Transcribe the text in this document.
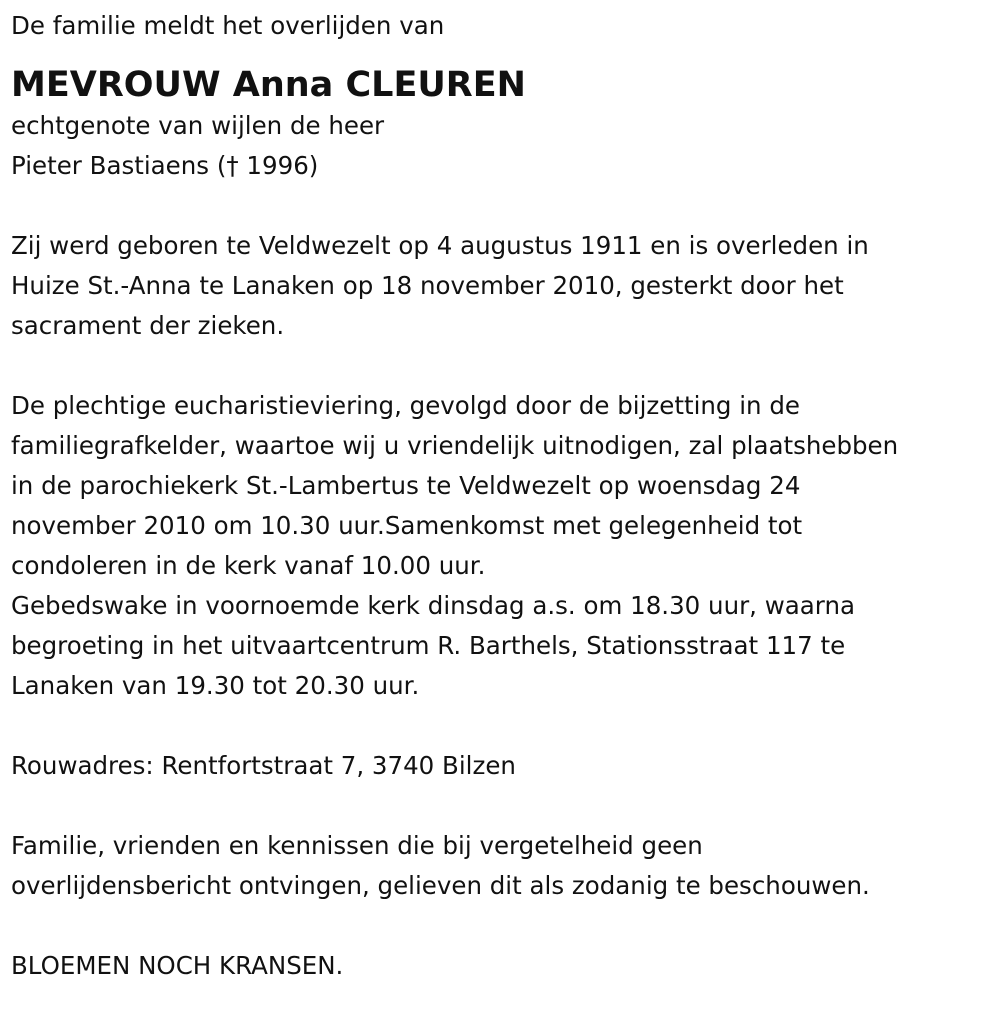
De familie meldt het overlijden van

MEVROUW Anna CLEUREN

echtgenote van wijlen de heer

Pieter Bastiaens († 1996)

Zij werd geboren te Veldwezelt op 4 augustus 1911 en is overleden in

Huize St.-Anna te Lanaken op 18 november 2010, gesterkt door het

sacrament der zieken.

De plechtige eucharistieviering, gevolgd door de bijzetting in de

familiegrafkelder, waartoe wij u vriendelijk uitnodigen, zal plaatshebben

in de parochiekerk St.-Lambertus te Veldwezelt op woensdag 24

november 2010 om 10.30 uur.Samenkomst met gelegenheid tot

condoleren in de kerk vanaf 10.00 uur.

Gebedswake in voornoemde kerk dinsdag a.s. om 18.30 uur, waarna

begroeting in het uitvaartcentrum R. Barthels, Stationsstraat 117 te

Lanaken van 19.30 tot 20.30 uur.

Rouwadres: Rentfortstraat 7, 3740 Bilzen

Familie, vrienden en kennissen die bij vergetelheid geen

overlijdensbericht ontvingen, gelieven dit als zodanig te beschouwen.

BLOEMEN NOCH KRANSEN.
